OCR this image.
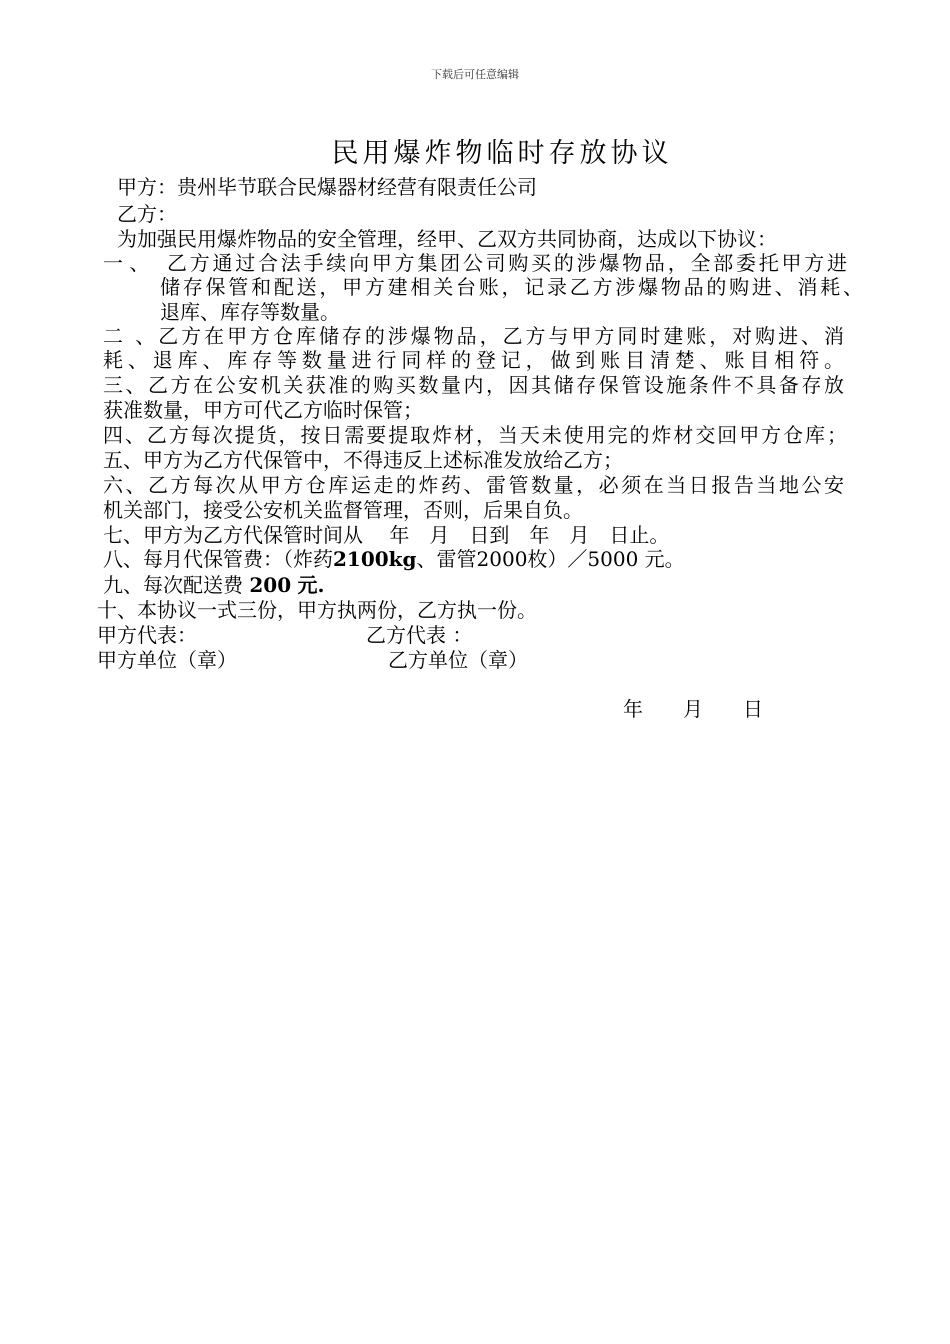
下载后可任意编辑
民用爆炸物临时存放协议
甲方：贵州毕节联合民爆器材经营有限责任公司
乙方：
为加强民用爆炸物品的安全管理，经甲、乙双方共同协商，达成以下协议：
一 、 乙方通过合法手续向甲方集团公司购买的涉爆物品，全部委托甲方进
储存保管和配送，甲方建相关台账，记录乙方涉爆物品的购进、消耗、
退库、库存等数量。
二 、乙方在甲方仓库储存的涉爆物品，乙方与甲方同时建账，对购进、消
耗、退库、库存等数量进行同样的登记，做到账目清楚、账目相符。
三、乙方在公安机关获准的购买数量内，因其储存保管设施条件不具备存放
获准数量，甲方可代乙方临时保管；
四、乙方每次提货，按日需要提取炸材，当天未使用完的炸材交回甲方仓库；
五、甲方为乙方代保管中，不得违反上述标准发放给乙方；
六、乙方每次从甲方仓库运走的炸药、雷管数量，必须在当日报告当地公安
机关部门，接受公安机关监督管理，否则，后果自负。
七、甲方为乙方代保管时间从　 年　月　日到　年　月　日止。
八、每月代保管费：（炸药2100kg、雷管2000枚）／5000 元。
九、每次配送费 200 元.
十、本协议一式三份，甲方执两份，乙方执一份。
甲方代表：	乙方代表 ：
甲方单位（章）	乙方单位（章）
年　　月　　日
